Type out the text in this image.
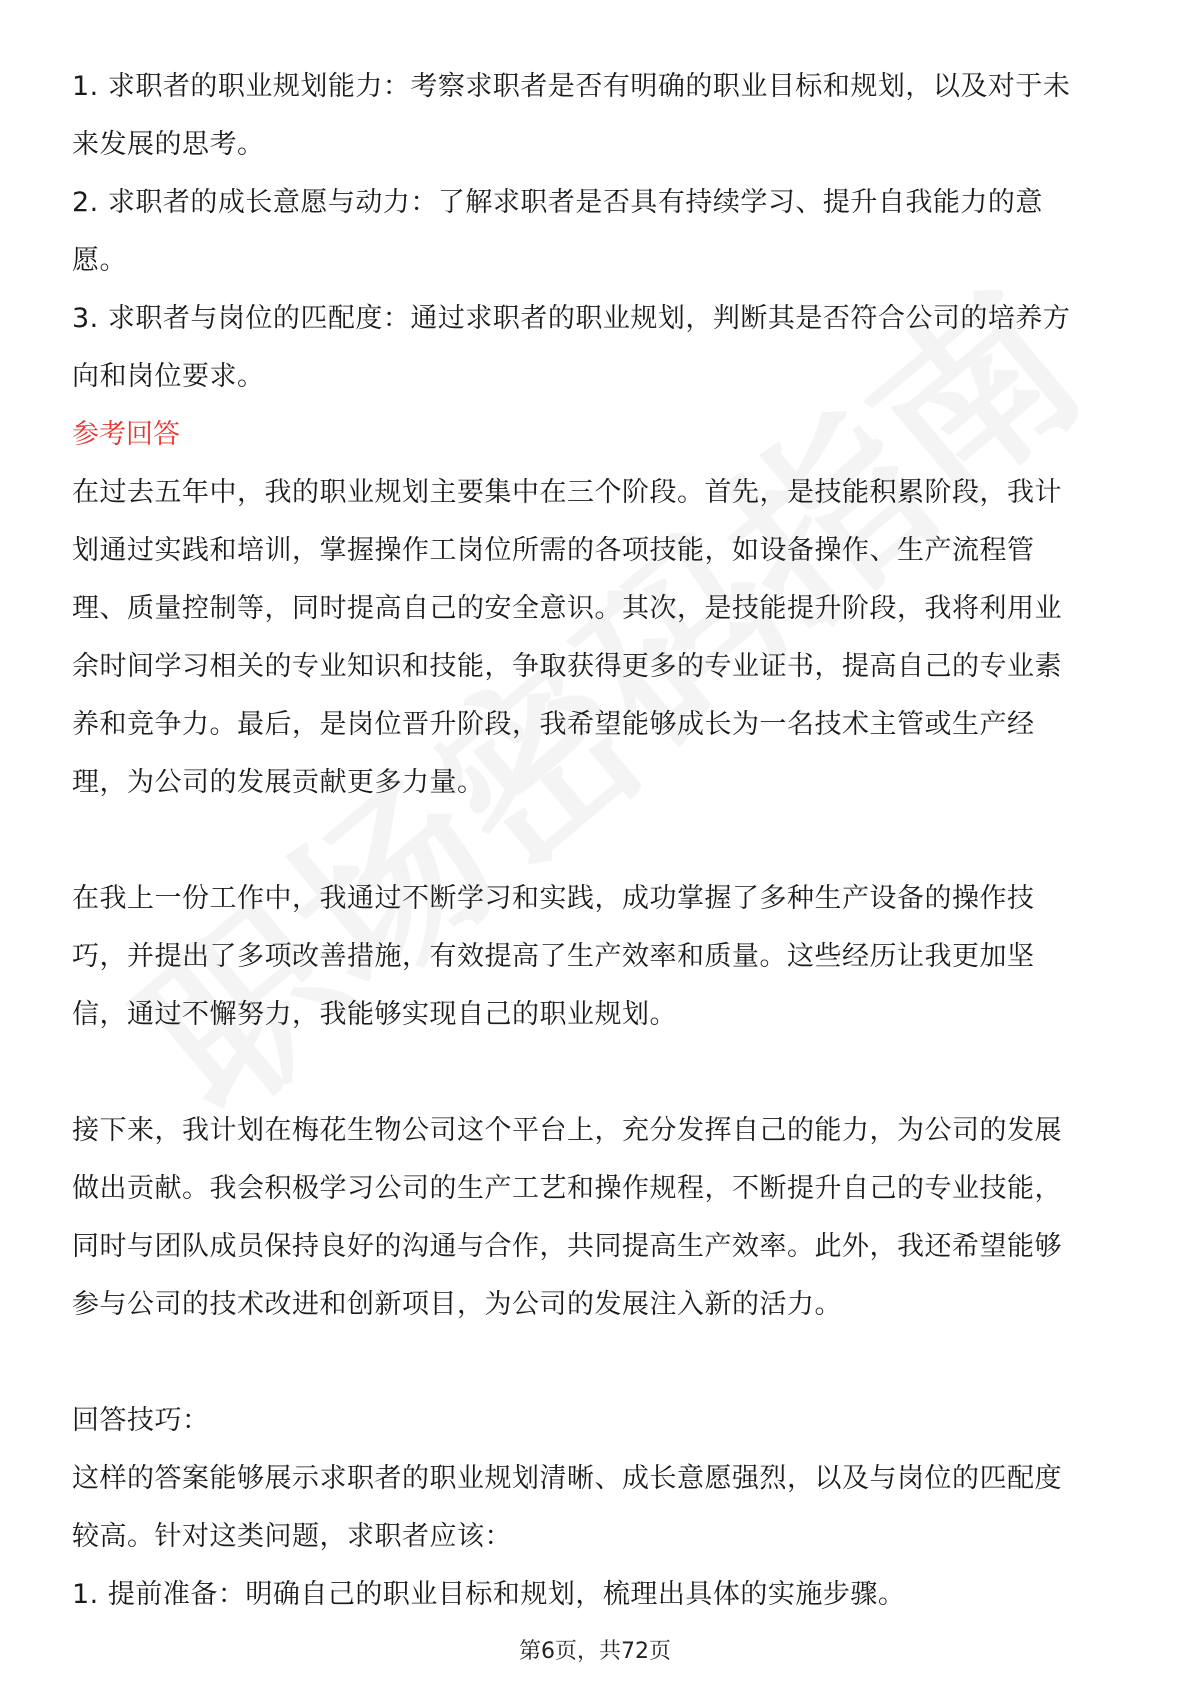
1. 求职者的职业规划能力：考察求职者是否有明确的职业目标和规划，以及对于未
来发展的思考。
2. 求职者的成长意愿与动力：了解求职者是否具有持续学习、提升自我能力的意
愿。
3. 求职者与岗位的匹配度：通过求职者的职业规划，判断其是否符合公司的培养方
向和岗位要求。
参考回答
在过去五年中，我的职业规划主要集中在三个阶段。首先，是技能积累阶段，我计
划通过实践和培训，掌握操作工岗位所需的各项技能，如设备操作、生产流程管
理、质量控制等，同时提高自己的安全意识。其次，是技能提升阶段，我将利用业
余时间学习相关的专业知识和技能，争取获得更多的专业证书，提高自己的专业素
养和竞争力。最后，是岗位晋升阶段，我希望能够成长为一名技术主管或生产经
理，为公司的发展贡献更多力量。
在我上一份工作中，我通过不断学习和实践，成功掌握了多种生产设备的操作技
巧，并提出了多项改善措施，有效提高了生产效率和质量。这些经历让我更加坚
信，通过不懈努力，我能够实现自己的职业规划。
接下来，我计划在梅花生物公司这个平台上，充分发挥自己的能力，为公司的发展
做出贡献。我会积极学习公司的生产工艺和操作规程，不断提升自己的专业技能，
同时与团队成员保持良好的沟通与合作，共同提高生产效率。此外，我还希望能够
参与公司的技术改进和创新项目，为公司的发展注入新的活力。
回答技巧：
这样的答案能够展示求职者的职业规划清晰、成长意愿强烈，以及与岗位的匹配度
较高。针对这类问题，求职者应该：
1. 提前准备：明确自己的职业目标和规划，梳理出具体的实施步骤。
第6页，共72页
